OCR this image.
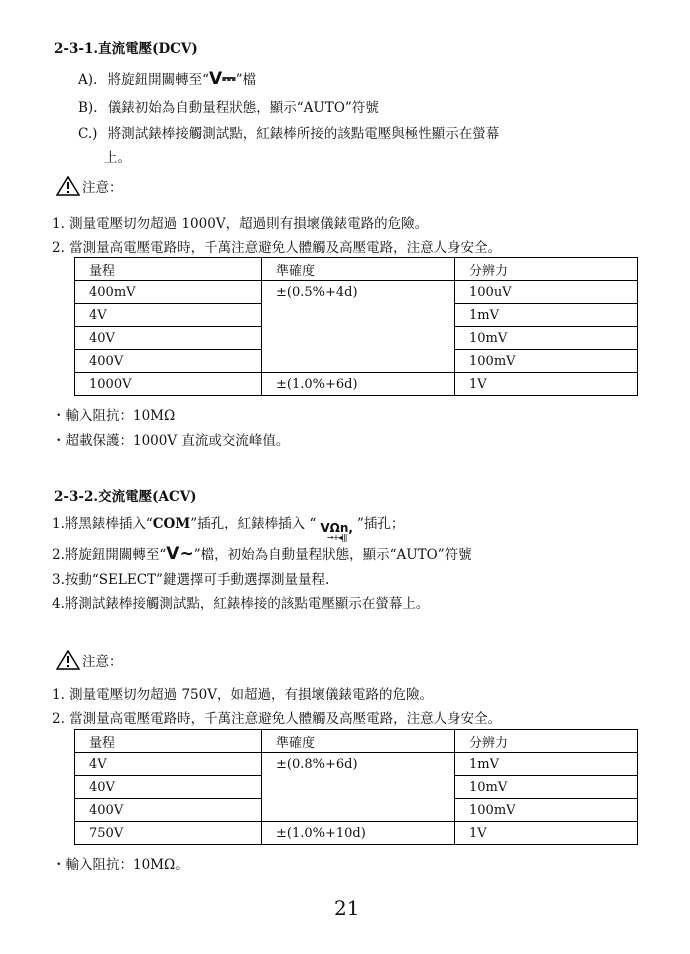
2-3-1.直流電壓(DCV)
A). 將旋鈕開關轉至“V⎓”檔
B). 儀錶初始為自動量程狀態，顯示“AUTO”符號
C.) 將測試錶棒接觸測試點，紅錶棒所接的該點電壓與極性顯示在螢幕
上。
注意：
1. 測量電壓切勿超過 1000V，超過則有損壞儀錶電路的危險。
2. 當測量高電壓電路時，千萬注意避免人體觸及高壓電路，注意人身安全。
量程	準確度	分辨力
400mV	±(0.5%+4d)	100uV
4V		1mV
40V		10mV
400V		100mV
1000V	±(1.0%+6d)	1V
・輸入阻抗：10MΩ
・超載保護：1000V 直流或交流峰值。
2-3-2.交流電壓(ACV)
1.將黑錶棒插入“COM”插孔，紅錶棒插入 “ VΩn,
→+◂|||
”插孔；
2.將旋鈕開關轉至“V∼”檔，初始為自動量程狀態，顯示“AUTO”符號
3.按動“SELECT”鍵選擇可手動選擇測量量程.
4.將測試錶棒接觸測試點，紅錶棒接的該點電壓顯示在螢幕上。
注意：
1. 測量電壓切勿超過 750V，如超過，有損壞儀錶電路的危險。
2. 當測量高電壓電路時，千萬注意避免人體觸及高壓電路，注意人身安全。
量程	準確度	分辨力
4V	±(0.8%+6d)	1mV
40V		10mV
400V		100mV
750V	±(1.0%+10d)	1V
・輸入阻抗：10MΩ。
21
